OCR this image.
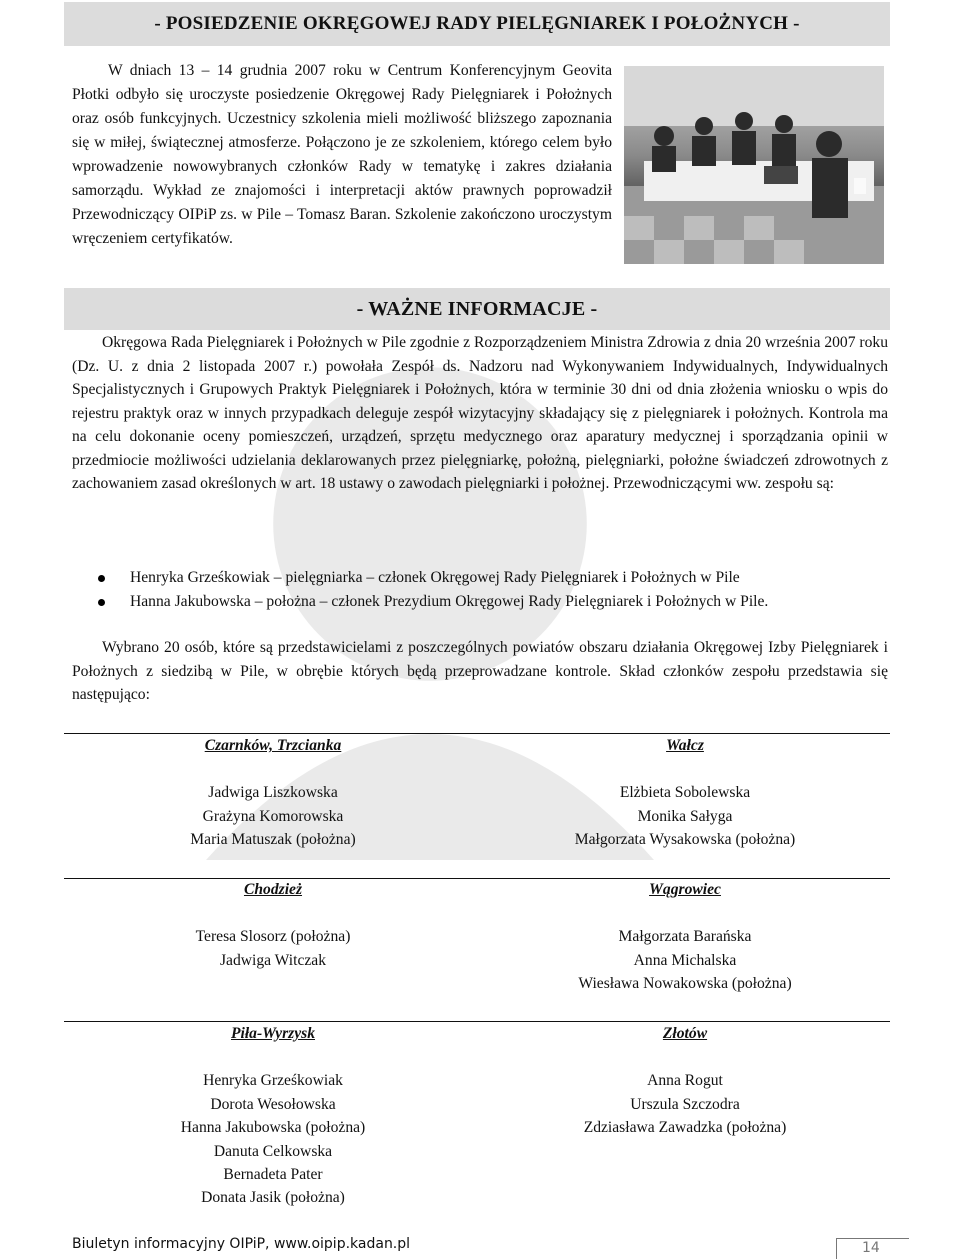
- POSIEDZENIE OKRĘGOWEJ RADY PIELĘGNIAREK I POŁOŻNYCH -

W dniach 13 – 14 grudnia 2007 roku w Centrum Konferencyjnym Geovita Płotki odbyło się uroczyste posiedzenie Okręgowej Rady Pielęgniarek i Położnych oraz osób funkcyjnych. Uczestnicy szkolenia mieli możliwość bliższego zapoznania się w miłej, świątecznej atmosferze. Połączono je ze szkoleniem, którego celem było wprowadzenie nowowybranych członków Rady w tematykę i zakres działania samorządu. Wykład ze znajomości i interpretacji aktów prawnych poprowadził Przewodniczący OIPiP zs. w Pile – Tomasz Baran. Szkolenie zakończono uroczystym wręczeniem certyfikatów.

- WAŻNE INFORMACJE -

Okręgowa Rada Pielęgniarek i Położnych w Pile zgodnie z Rozporządzeniem Ministra Zdrowia z dnia 20 września 2007 roku (Dz. U. z dnia 2 listopada 2007 r.) powołała Zespół ds. Nadzoru nad Wykonywaniem Indywidualnych, Indywidualnych Specjalistycznych i Grupowych Praktyk Pielęgniarek i Położnych, która w terminie 30 dni od dnia złożenia wniosku o wpis do rejestru praktyk oraz w innych przypadkach deleguje zespół wizytacyjny składający się z pielęgniarek i położnych. Kontrola ma na celu dokonanie oceny pomieszczeń, urządzeń, sprzętu medycznego oraz aparatury medycznej i sporządzania opinii w przedmiocie możliwości udzielania deklarowanych przez pielęgniarkę, położną, pielęgniarki, położne świadczeń zdrowotnych z zachowaniem zasad określonych w art. 18 ustawy o zawodach pielęgniarki i położnej. Przewodniczącymi ww. zespołu są:

Henryka Grześkowiak – pielęgniarka – członek Okręgowej Rady Pielęgniarek i Położnych w Pile
Hanna Jakubowska – położna – członek Prezydium Okręgowej Rady Pielęgniarek i Położnych w Pile.

Wybrano 20 osób, które są przedstawicielami z poszczególnych powiatów obszaru działania Okręgowej Izby Pielęgniarek i Położnych z siedzibą w Pile, w obrębie których będą przeprowadzane kontrole. Skład członków zespołu przedstawia się następująco:

Czarnków, Trzcianka
Jadwiga Liszkowska
Grażyna Komorowska
Maria Matuszak (położna)
Wałcz
Elżbieta Sobolewska
Monika Sałyga
Małgorzata Wysakowska (położna)
Chodzież
Teresa Slosorz (położna)
Jadwiga Witczak
Wągrowiec
Małgorzata Barańska
Anna Michalska
Wiesława Nowakowska (położna)
Piła-Wyrzysk
Henryka Grześkowiak
Dorota Wesołowska
Hanna Jakubowska (położna)
Danuta Celkowska
Bernadeta Pater
Donata Jasik (położna)
Złotów
Anna Rogut
Urszula Szczodra
Zdziasława Zawadzka (położna)
Biuletyn informacyjny OIPiP, www.oipip.kadan.pl	14
